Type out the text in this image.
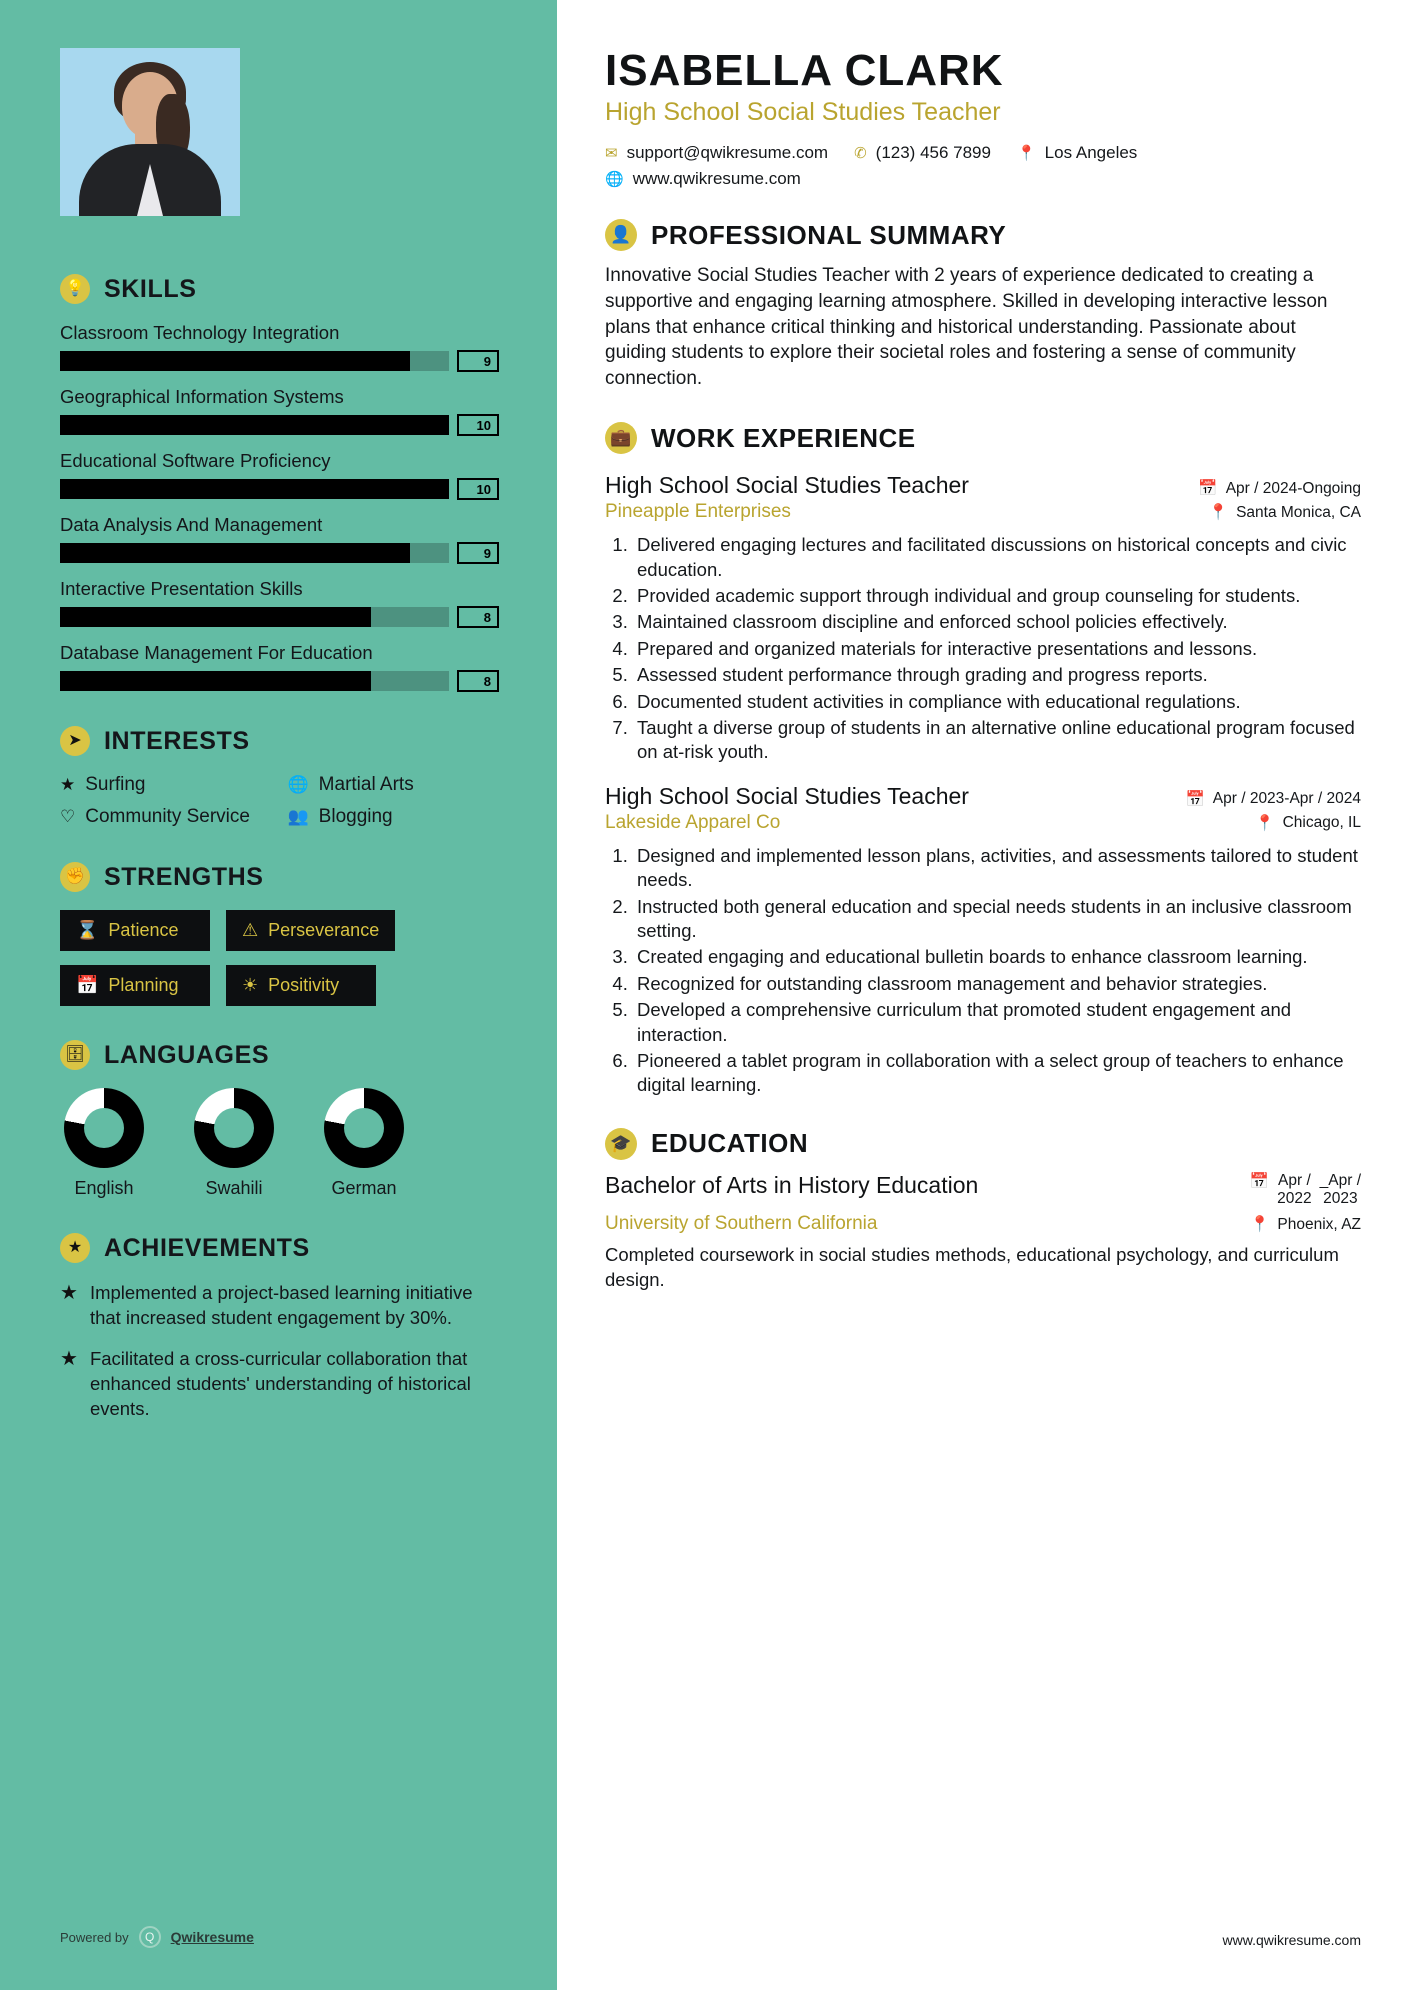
💡 SKILLS
Classroom Technology Integration
9
Geographical Information Systems
10
Educational Software Proficiency
10
Data Analysis And Management
9
Interactive Presentation Skills
8
Database Management For Education
8
➤ INTERESTS
★ Surfing	🌐 Martial Arts
♡ Community Service 👥 Blogging
✊ STRENGTHS
⌛ Patience	⚠ Perseverance
📅 Planning	☀ Positivity
🗄 LANGUAGES
English	Swahili	German
★ ACHIEVEMENTS
★ Implemented a project-based learning initiative that increased student engagement by 30%.
★ Facilitated a cross-curricular collaboration that enhanced students' understanding of historical events.
Powered by	Q	Qwikresume
ISABELLA CLARK
High School Social Studies Teacher
✉ support@qwikresume.com ✆ (123) 456 7899 📍 Los Angeles
🌐 www.qwikresume.com
👤 PROFESSIONAL SUMMARY

Innovative Social Studies Teacher with 2 years of experience dedicated to creating a supportive and engaging learning atmosphere. Skilled in developing interactive lesson plans that enhance critical thinking and historical understanding. Passionate about guiding students to explore their societal roles and fostering a sense of community connection.

💼 WORK EXPERIENCE
High School Social Studies Teacher	📅 Apr / 2024-Ongoing
Pineapple Enterprises	📍 Santa Monica, CA
1. Delivered engaging lectures and facilitated discussions on historical concepts and civic education.
2. Provided academic support through individual and group counseling for students.
3. Maintained classroom discipline and enforced school policies effectively.
4. Prepared and organized materials for interactive presentations and lessons.
5. Assessed student performance through grading and progress reports.
6. Documented student activities in compliance with educational regulations.
7. Taught a diverse group of students in an alternative online educational program focused on at-risk youth.
High School Social Studies Teacher	📅 Apr / 2023-Apr / 2024
Lakeside Apparel Co	📍 Chicago, IL
1. Designed and implemented lesson plans, activities, and assessments tailored to student needs.
2. Instructed both general education and special needs students in an inclusive classroom setting.
3. Created engaging and educational bulletin boards to enhance classroom learning.
4. Recognized for outstanding classroom management and behavior strategies.
5. Developed a comprehensive curriculum that promoted student engagement and interaction.
6. Pioneered a tablet program in collaboration with a select group of teachers to enhance digital learning.
🎓 EDUCATION
Bachelor of Arts in History Education	📅 Apr /
2022
_Apr /
2023
University of Southern California	📍 Phoenix, AZ
Completed coursework in social studies methods, educational psychology, and curriculum design.
www.qwikresume.com
